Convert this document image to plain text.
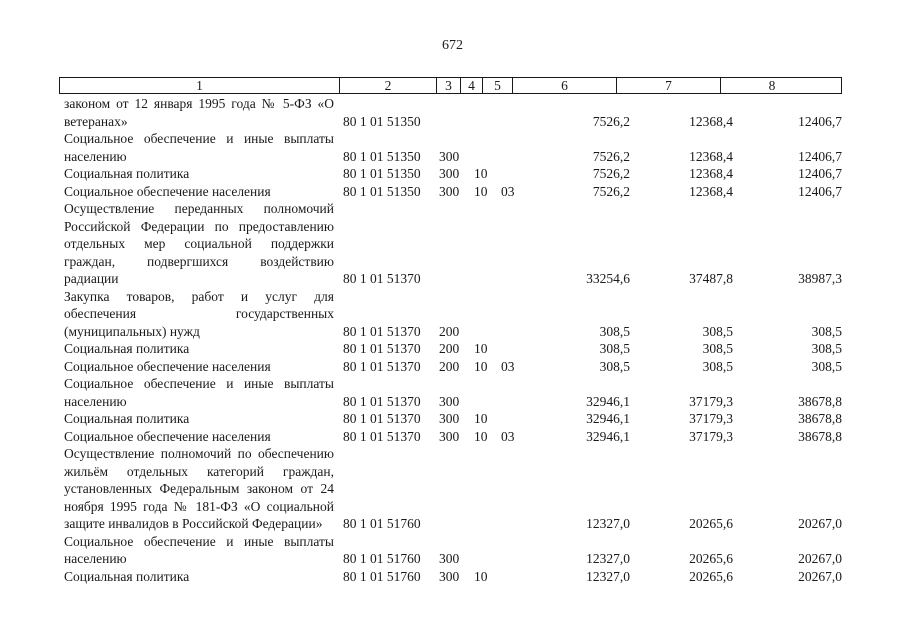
672
1	2	3	4	5	6	7	8
законом от 12 января 1995 года № 5-ФЗ «О ветеранах»	80 1 01 51350	7526,2	12368,4	12406,7
Социальное обеспечение и иные выплаты населению	80 1 01 51350 300	7526,2	12368,4	12406,7
Социальная политика	80 1 01 51350 300 10	7526,2	12368,4	12406,7
Социальное обеспечение населения	80 1 01 51350 300 10 03	7526,2	12368,4	12406,7
Осуществление переданных полномочий Российской Федерации по предоставлению отдельных мер социальной поддержки граждан, подвергшихся воздействию радиации	80 1 01 51370	33254,6	37487,8	38987,3
Закупка товаров, работ и услуг для обеспечения государственных (муниципальных) нужд	80 1 01 51370 200	308,5	308,5	308,5
Социальная политика	80 1 01 51370 200 10	308,5	308,5	308,5
Социальное обеспечение населения	80 1 01 51370 200 10 03	308,5	308,5	308,5
Социальное обеспечение и иные выплаты населению	80 1 01 51370 300	32946,1	37179,3	38678,8
Социальная политика	80 1 01 51370 300 10	32946,1	37179,3	38678,8
Социальное обеспечение населения	80 1 01 51370 300 10 03	32946,1	37179,3	38678,8
Осуществление полномочий по обеспечению жильём отдельных категорий граждан, установленных Федеральным законом от 24 ноября 1995 года № 181-ФЗ «О социальной защите инвалидов в Российской Федерации»	80 1 01 51760	12327,0	20265,6	20267,0
Социальное обеспечение и иные выплаты населению	80 1 01 51760 300	12327,0	20265,6	20267,0
Социальная политика	80 1 01 51760 300 10	12327,0	20265,6	20267,0
